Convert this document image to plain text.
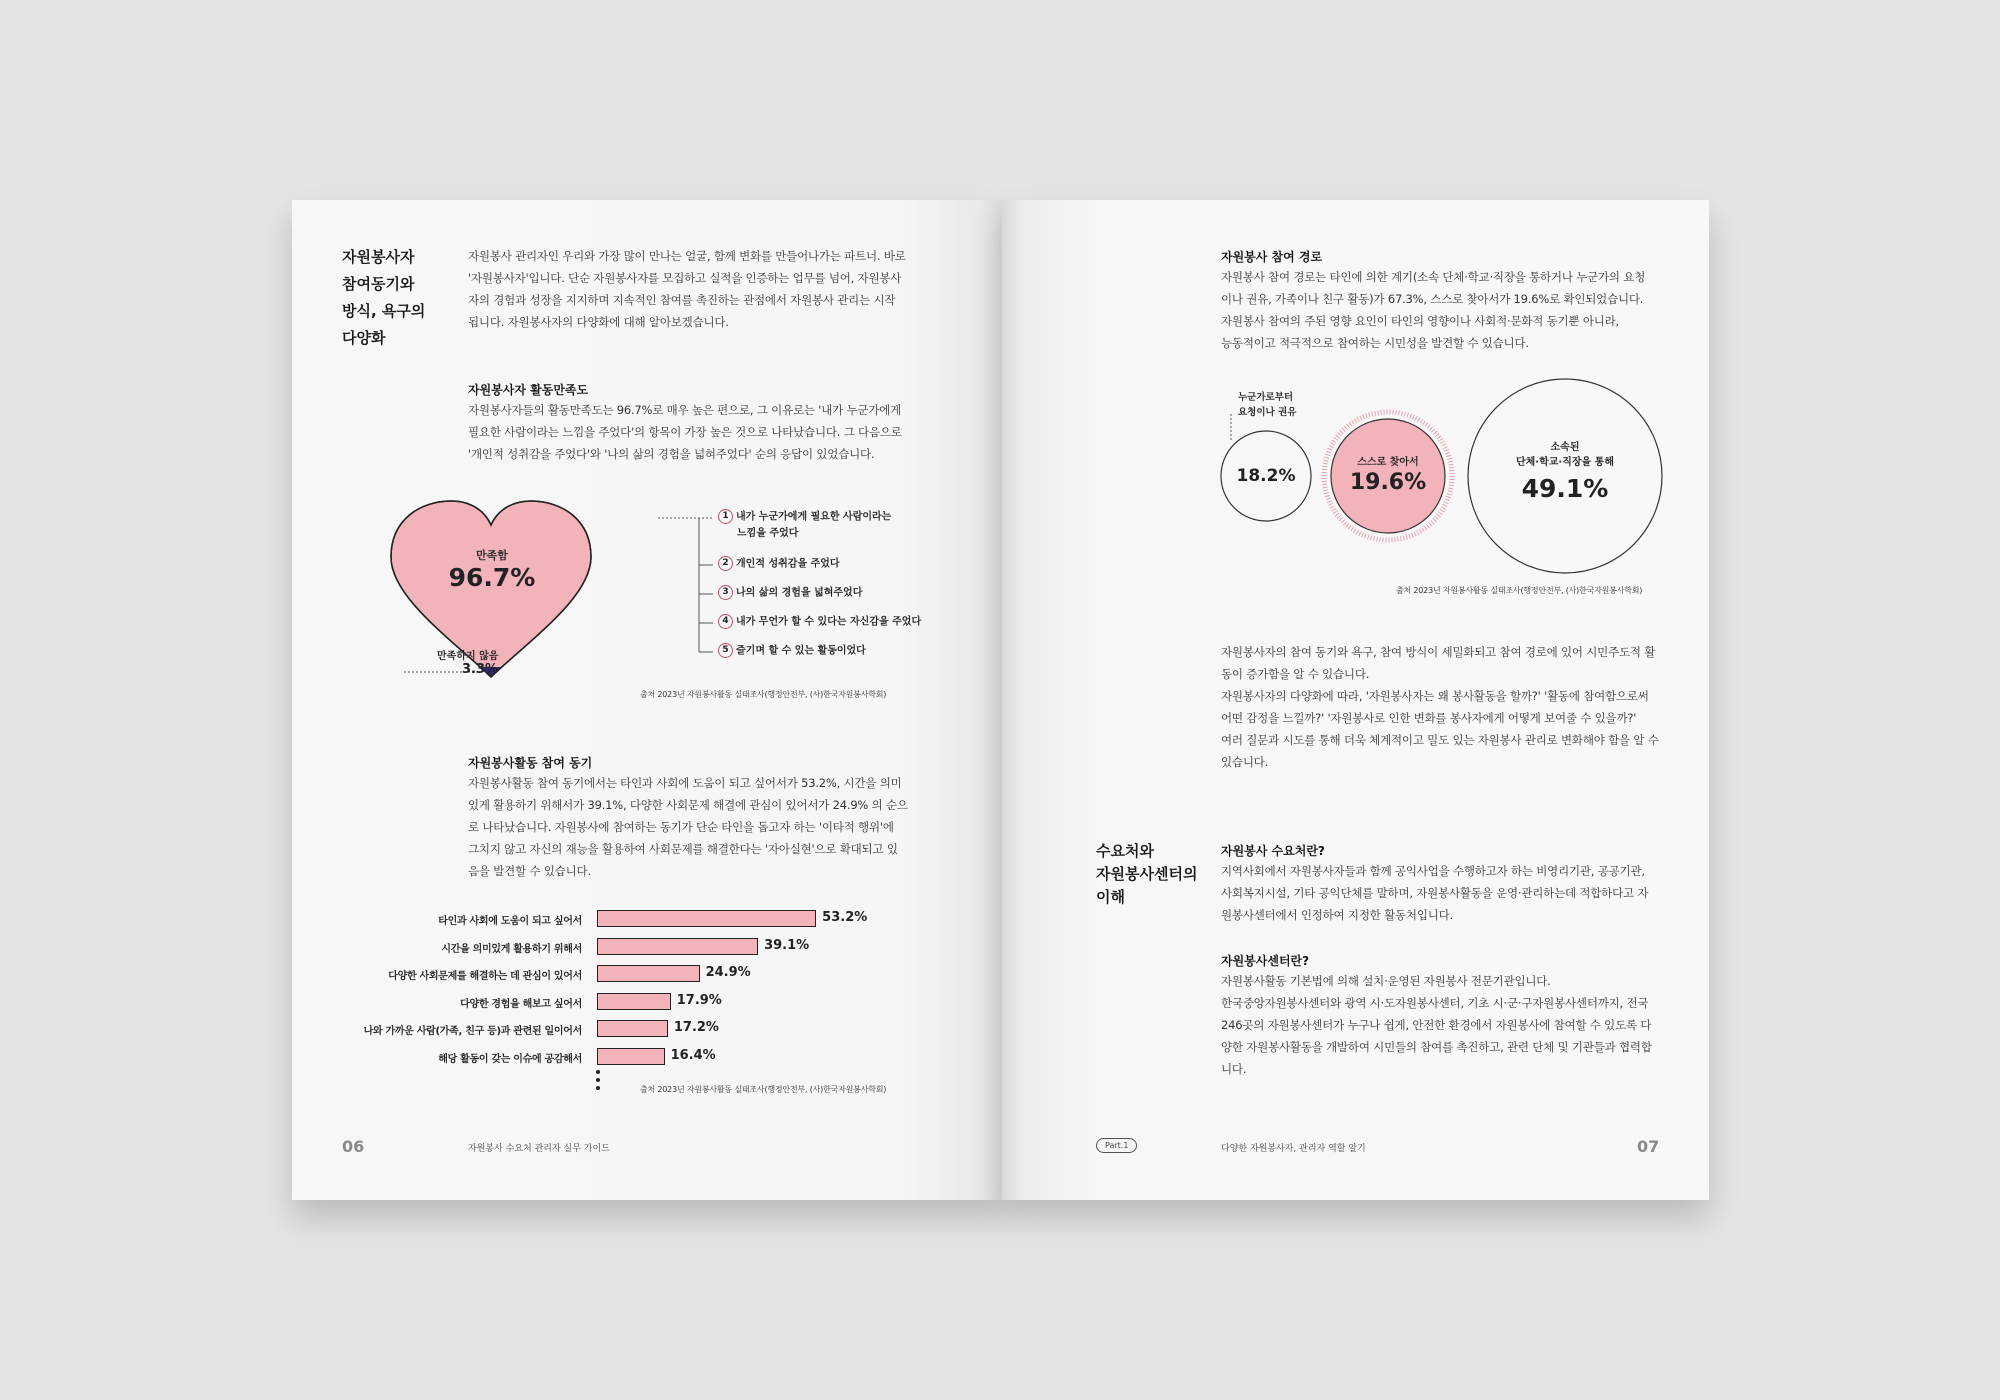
자원봉사자
참여동기와
방식, 욕구의
다양화
자원봉사 관리자인 우리와 가장 많이 만나는 얼굴, 함께 변화를 만들어나가는 파트너. 바로
'자원봉사자'입니다. 단순 자원봉사자를 모집하고 실적을 인증하는 업무를 넘어, 자원봉사
자의 경험과 성장을 지지하며 지속적인 참여를 촉진하는 관점에서 자원봉사 관리는 시작
됩니다. 자원봉사자의 다양화에 대해 알아보겠습니다.
자원봉사자 활동만족도
자원봉사자들의 활동만족도는 96.7%로 매우 높은 편으로, 그 이유로는 '내가 누군가에게
필요한 사람이라는 느낌을 주었다'의 항목이 가장 높은 것으로 나타났습니다. 그 다음으로
'개인적 성취감을 주었다'와 '나의 삶의 경험을 넓혀주었다' 순의 응답이 있었습니다.
만족함
96.7%
만족하지 않음
3.3%
1 내가 누군가에게 필요한 사람이라는
느낌을 주었다
2 개인적 성취감을 주었다
3 나의 삶의 경험을 넓혀주었다
4 내가 무언가 할 수 있다는 자신감을 주었다
5 즐기며 할 수 있는 활동이었다
출처 2023년 자원봉사활동 실태조사(행정안전부, (사)한국자원봉사학회)
자원봉사활동 참여 동기
자원봉사활동 참여 동기에서는 타인과 사회에 도움이 되고 싶어서가 53.2%, 시간을 의미
있게 활용하기 위해서가 39.1%, 다양한 사회문제 해결에 관심이 있어서가 24.9% 의 순으
로 나타났습니다. 자원봉사에 참여하는 동기가 단순 타인을 돕고자 하는 '이타적 행위'에
그치지 않고 자신의 재능을 활용하여 사회문제를 해결한다는 '자아실현'으로 확대되고 있
음을 발견할 수 있습니다.
타인과 사회에 도움이 되고 싶어서	53.2%
시간을 의미있게 활용하기 위해서	39.1%
다양한 사회문제를 해결하는 데 관심이 있어서	24.9%
다양한 경험을 해보고 싶어서	17.9%
나와 가까운 사람(가족, 친구 등)과 관련된 일이어서	17.2%
해당 활동이 갖는 이슈에 공감해서	16.4%
출처 2023년 자원봉사활동 실태조사(행정안전부, (사)한국자원봉사학회)
06	자원봉사 수요처 관리자 실무 가이드
자원봉사 참여 경로
자원봉사 참여 경로는 타인에 의한 계기(소속 단체·학교·직장을 통하거나 누군가의 요청
이나 권유, 가족이나 친구 활동)가 67.3%, 스스로 찾아서가 19.6%로 확인되었습니다.
자원봉사 참여의 주된 영향 요인이 타인의 영향이나 사회적·문화적 동기뿐 아니라,
능동적이고 적극적으로 참여하는 시민성을 발견할 수 있습니다.
누군가로부터
요청이나 권유
18.2%
스스로 찾아서
19.6%
소속된
단체·학교·직장을 통해
49.1%
출처 2023년 자원봉사활동 실태조사(행정안전부, (사)한국자원봉사학회)
자원봉사자의 참여 동기와 욕구, 참여 방식이 세밀화되고 참여 경로에 있어 시민주도적 활
동이 증가함을 알 수 있습니다.
자원봉사자의 다양화에 따라, '자원봉사자는 왜 봉사활동을 할까?' '활동에 참여함으로써
어떤 감정을 느낄까?' '자원봉사로 인한 변화를 봉사자에게 어떻게 보여줄 수 있을까?'
여러 질문과 시도를 통해 더욱 체계적이고 밀도 있는 자원봉사 관리로 변화해야 함을 알 수
있습니다.
수요처와
자원봉사센터의
이해
자원봉사 수요처란?
지역사회에서 자원봉사자들과 함께 공익사업을 수행하고자 하는 비영리기관, 공공기관,
사회복지시설, 기타 공익단체를 말하며, 자원봉사활동을 운영·관리하는데 적합하다고 자
원봉사센터에서 인정하여 지정한 활동처입니다.
자원봉사센터란?
자원봉사활동 기본법에 의해 설치·운영된 자원봉사 전문기관입니다.
한국중앙자원봉사센터와 광역 시·도자원봉사센터, 기초 시·군·구자원봉사센터까지, 전국
246곳의 자원봉사센터가 누구나 쉽게, 안전한 환경에서 자원봉사에 참여할 수 있도록 다
양한 자원봉사활동을 개발하여 시민들의 참여를 촉진하고, 관련 단체 및 기관들과 협력합
니다.
Part.1	다양한 자원봉사자, 관리자 역할 알기	07
